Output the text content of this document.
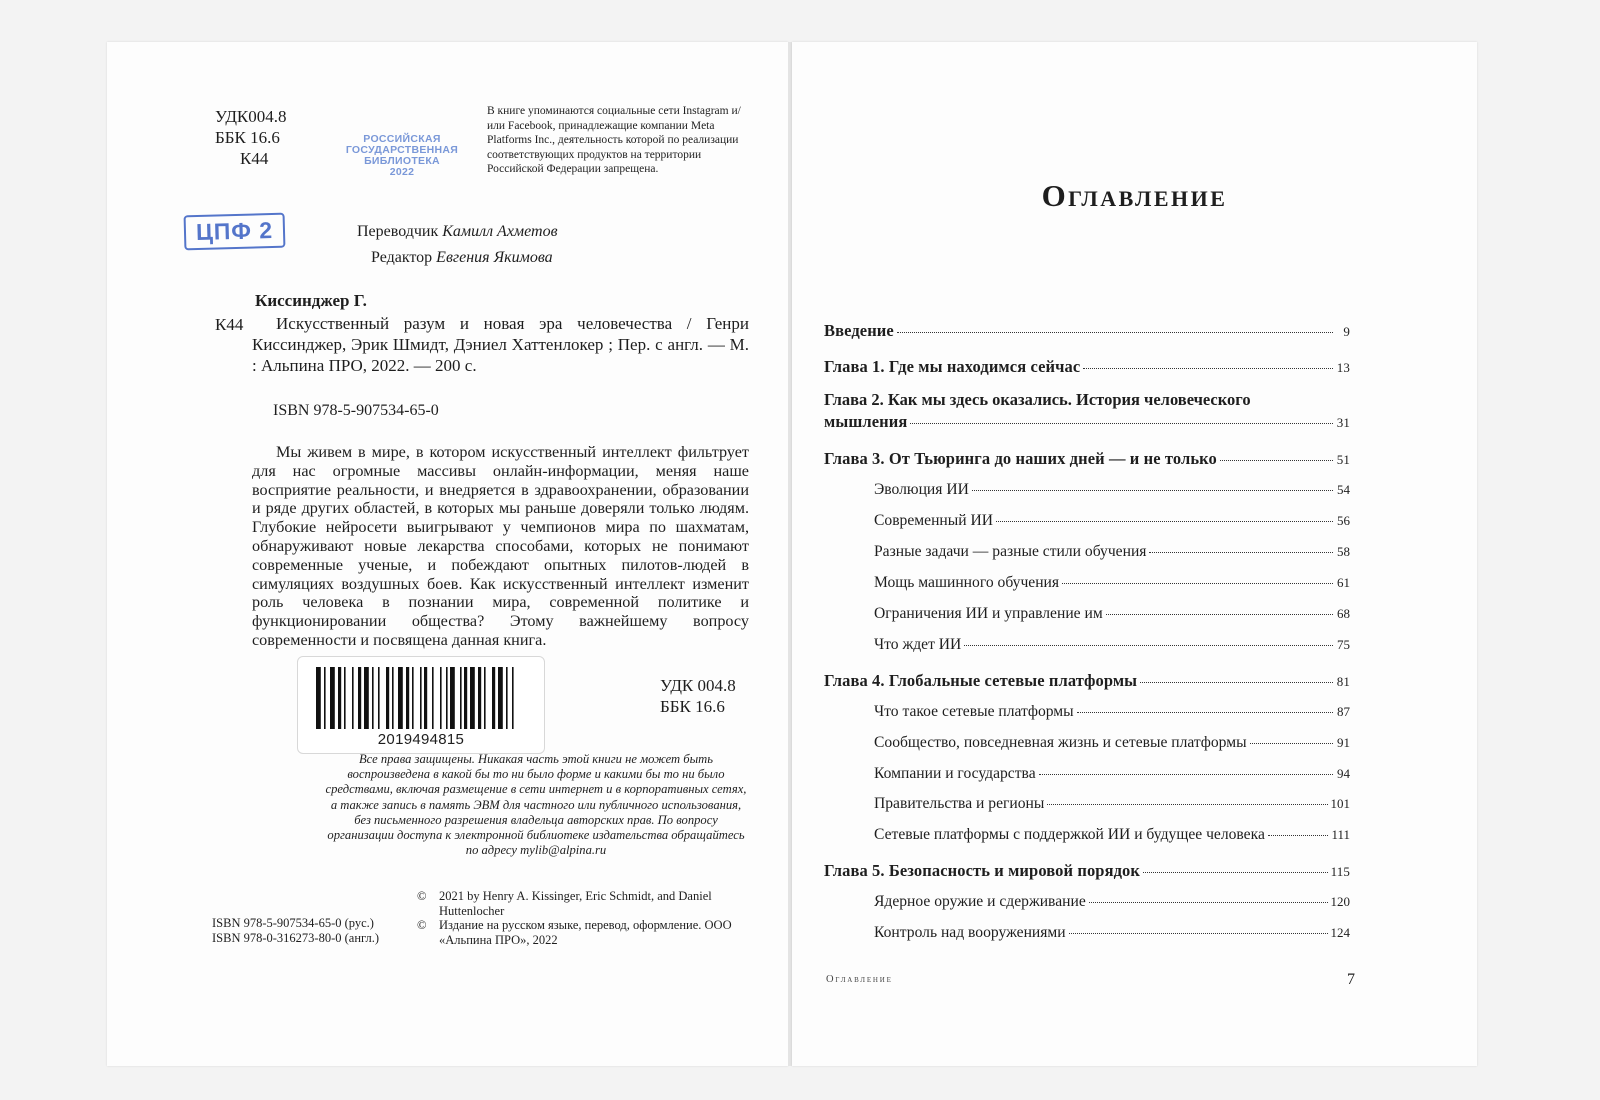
УДК004.8
ББК 16.6
К44
РОССИЙСКАЯ
ГОСУДАРСТВЕННАЯ
БИБЛИОТЕКА
2022
В книге упоминаются социальные сети Instagram и/или Facebook, принадлежащие компании Meta Platforms Inc., деятельность которой по реализации соответствующих продуктов на территории Российской Федерации запрещена.
ЦПФ 2	Переводчик Камилл Ахметов
Редактор Евгения Якимова
Киссинджер Г.
К44	Искусственный разум и новая эра человечества / Генри Киссинджер, Эрик Шмидт, Дэниел Хаттенлокер ; Пер. с англ. — М. : Альпина ПРО, 2022. — 200 с.
ISBN 978-5-907534-65-0
Мы живем в мире, в котором искусственный интеллект фильтрует для нас огромные массивы онлайн-информации, меняя наше восприятие реальности, и внедряется в здравоохранении, образовании и ряде других областей, в которых мы раньше доверяли только людям. Глубокие нейросети выигрывают у чемпионов мира по шахматам, обнаруживают новые лекарства способами, которых не понимают современные ученые, и побеждают опытных пилотов-людей в симуляциях воздушных боев. Как искусственный интеллект изменит роль человека в познании мира, современной политике и функционировании общества? Этому важнейшему вопросу современности и посвящена данная книга.
УДК 004.8
ББК 16.6
2019494815
Все права защищены. Никакая часть этой книги не может быть воспроизведена в какой бы то ни было форме и какими бы то ни было средствами, включая размещение в сети интернет и в корпоративных сетях, а также запись в память ЭВМ для частного или публичного использования, без письменного разрешения владельца авторских прав. По вопросу организации доступа к электронной библиотеке издательства обращайтесь по адресу mylib@alpina.ru
©	2021 by Henry A. Kissinger, Eric Schmidt, and Daniel Huttenlocher
©	Издание на русском языке, перевод, оформление. ООО «Альпина ПРО», 2022
ISBN 978-5-907534-65-0 (рус.)
ISBN 978-0-316273-80-0 (англ.)
Оглавление
Введение	9
Глава 1. Где мы находимся сейчас	13
Глава 2. Как мы здесь оказались. История человеческого
мышления	31
Глава 3. От Тьюринга до наших дней — и не только	51
Эволюция ИИ	54
Современный ИИ	56
Разные задачи — разные стили обучения	58
Мощь машинного обучения	61
Ограничения ИИ и управление им	68
Что ждет ИИ	75
Глава 4. Глобальные сетевые платформы	81
Что такое сетевые платформы	87
Сообщество, повседневная жизнь и сетевые платформы	91
Компании и государства	94
Правительства и регионы	101
Сетевые платформы с поддержкой ИИ и будущее человека	111
Глава 5. Безопасность и мировой порядок	115
Ядерное оружие и сдерживание	120
Контроль над вооружениями	124
Оглавление	7
